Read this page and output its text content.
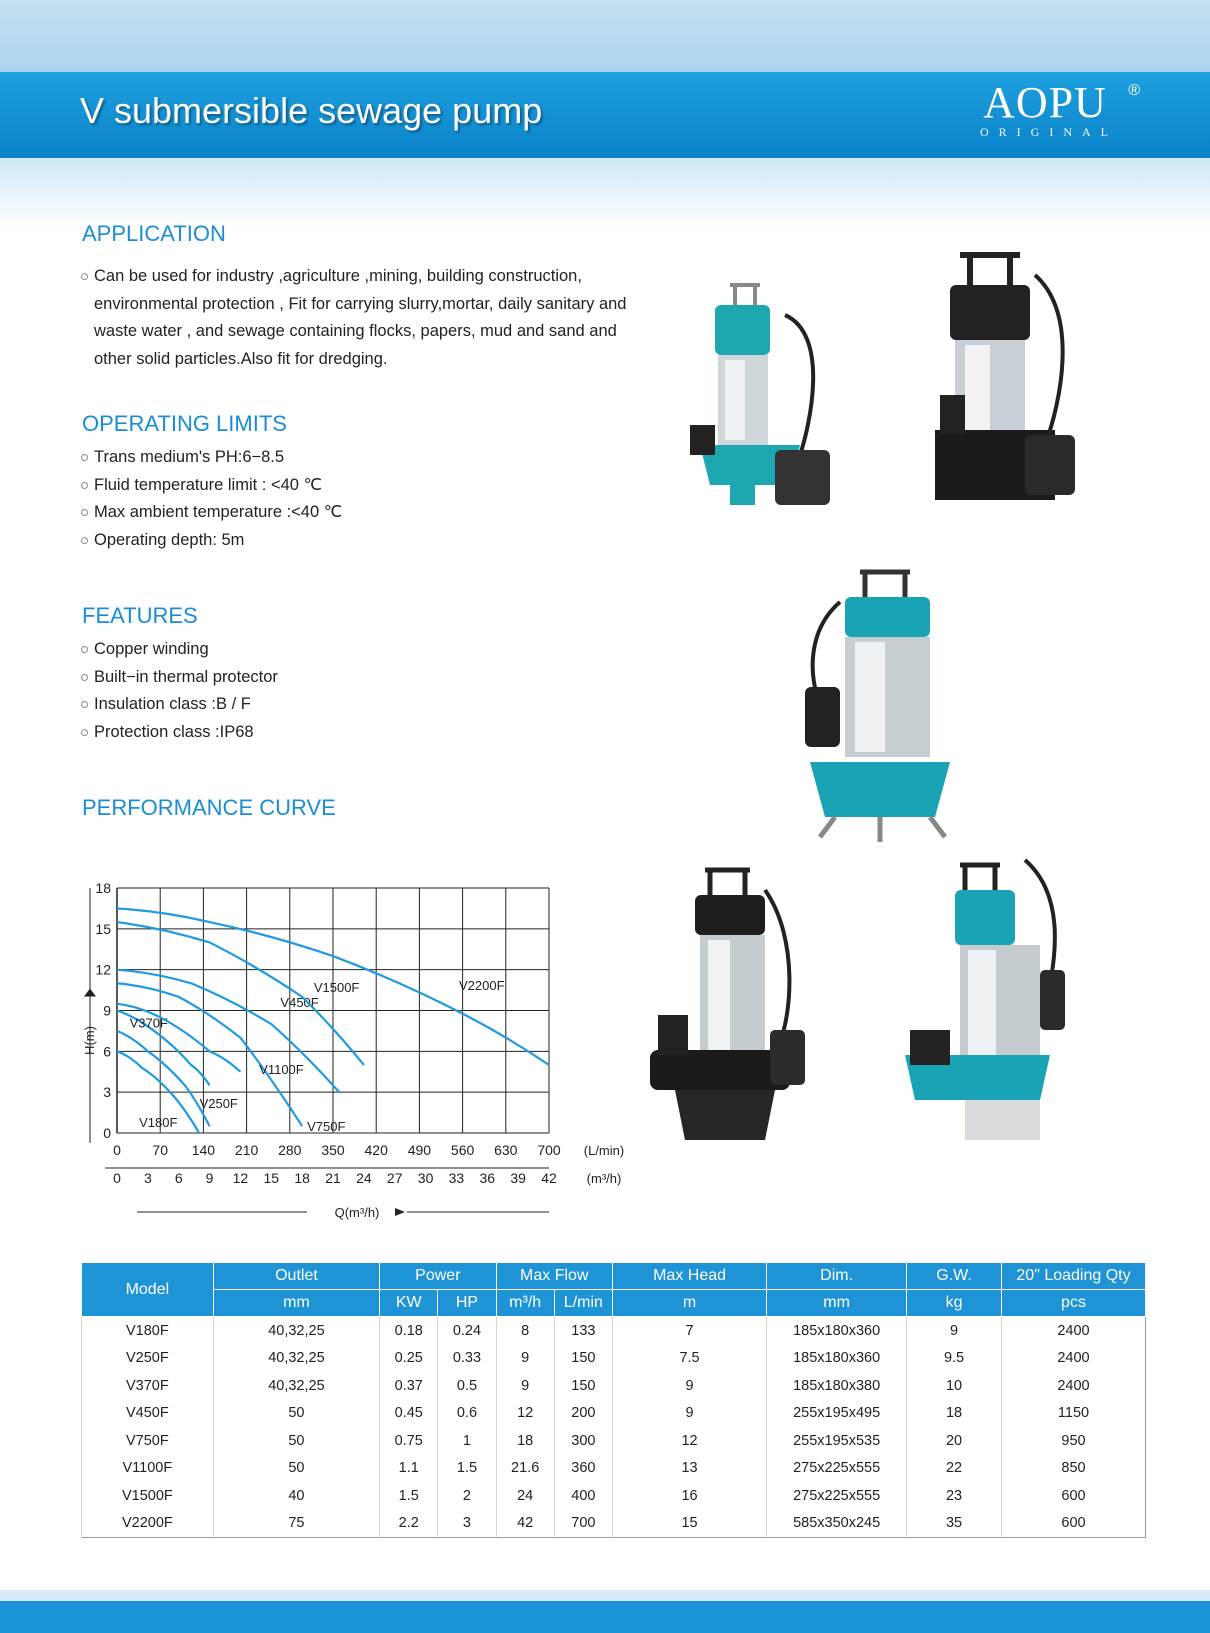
V submersible sewage pump	AOPU
ORIGINAL
®
APPLICATION

Can be used for industry ,agriculture ,mining, building construction, environmental protection , Fit for carrying slurry,mortar, daily sanitary and waste water , and sewage containing flocks, papers, mud and sand and other solid particles.Also fit for dredging.

OPERATING LIMITS
Trans medium's PH:6−8.5
Fluid temperature limit : <40 ℃
Max ambient temperature :<40 ℃
Operating depth: 5m
FEATURES
Copper winding
Built−in thermal protector
Insulation class :B / F
Protection class :IP68
PERFORMANCE CURVE
0 70 140 210 280 350 420 490 560 630 700
0
3
6
9
12
15
18
0 3 6 9 12 15 18 21 24 27 30 33 36 39 42
(L/min)
(m³/h)
Q(m³/h)
H(m)
V180F
V250F
V370F
V450F
V750F
V1100F
V1500F	V2200F
Model	Outlet	Power		Max Flow		Max Head	Dim.	G.W.	20" Loading Qty
	mm	KW	HP	m³/h	L/min	m	mm	kg	pcs
V180F	40,32,25	0.18	0.24	8	133	7	185x180x360	9	2400
V250F	40,32,25	0.25	0.33	9	150	7.5	185x180x360	9.5	2400
V370F	40,32,25	0.37	0.5	9	150	9	185x180x380	10	2400
V450F	50	0.45	0.6	12	200	9	255x195x495	18	1150
V750F	50	0.75	1	18	300	12	255x195x535	20	950
V1100F	50	1.1	1.5	21.6	360	13	275x225x555	22	850
V1500F	40	1.5	2	24	400	16	275x225x555	23	600
V2200F	75	2.2	3	42	700	15	585x350x245	35	600
